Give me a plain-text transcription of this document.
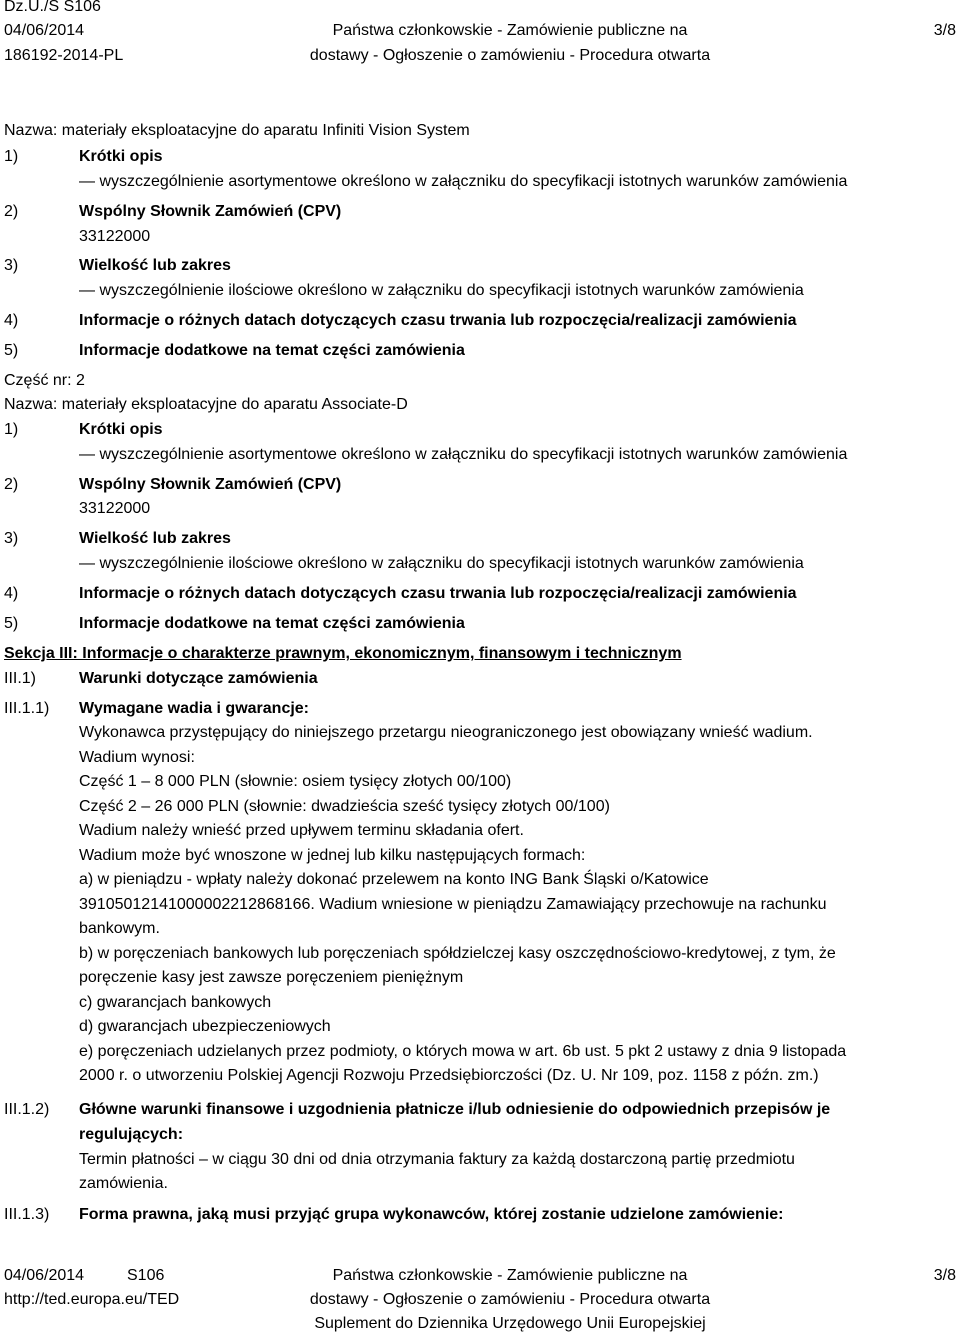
Dz.U./S S106
04/06/2014
186192-2014-PL
Państwa członkowskie - Zamówienie publiczne na
dostawy - Ogłoszenie o zamówieniu - Procedura otwarta
3/8
Nazwa: materiały eksploatacyjne do aparatu Infiniti Vision System
1)	Krótki opis
— wyszczególnienie asortymentowe określono w załączniku do specyfikacji istotnych warunków zamówienia
2)	Wspólny Słownik Zamówień (CPV)
33122000
3)	Wielkość lub zakres
— wyszczególnienie ilościowe określono w załączniku do specyfikacji istotnych warunków zamówienia
4)	Informacje o różnych datach dotyczących czasu trwania lub rozpoczęcia/realizacji zamówienia
5)	Informacje dodatkowe na temat części zamówienia
Część nr: 2
Nazwa: materiały eksploatacyjne do aparatu Associate-D
1)	Krótki opis
— wyszczególnienie asortymentowe określono w załączniku do specyfikacji istotnych warunków zamówienia
2)	Wspólny Słownik Zamówień (CPV)
33122000
3)	Wielkość lub zakres
— wyszczególnienie ilościowe określono w załączniku do specyfikacji istotnych warunków zamówienia
4)	Informacje o różnych datach dotyczących czasu trwania lub rozpoczęcia/realizacji zamówienia
5)	Informacje dodatkowe na temat części zamówienia
Sekcja III: Informacje o charakterze prawnym, ekonomicznym, finansowym i technicznym
III.1)	Warunki dotyczące zamówienia
III.1.1) Wymagane wadia i gwarancje:
Wykonawca przystępujący do niniejszego przetargu nieograniczonego jest obowiązany wnieść wadium.
Wadium wynosi:
Część 1 – 8 000 PLN (słownie: osiem tysięcy złotych 00/100)
Część 2 – 26 000 PLN (słownie: dwadzieścia sześć tysięcy złotych 00/100)
Wadium należy wnieść przed upływem terminu składania ofert.
Wadium może być wnoszone w jednej lub kilku następujących formach:
a) w pieniądzu - wpłaty należy dokonać przelewem na konto ING Bank Śląski o/Katowice
39105012141000002212868166. Wadium wniesione w pieniądzu Zamawiający przechowuje na rachunku
bankowym.
b) w poręczeniach bankowych lub poręczeniach spółdzielczej kasy oszczędnościowo-kredytowej, z tym, że
poręczenie kasy jest zawsze poręczeniem pieniężnym
c) gwarancjach bankowych
d) gwarancjach ubezpieczeniowych
e) poręczeniach udzielanych przez podmioty, o których mowa w art. 6b ust. 5 pkt 2 ustawy z dnia 9 listopada
2000 r. o utworzeniu Polskiej Agencji Rozwoju Przedsiębiorczości (Dz. U. Nr 109, poz. 1158 z późn. zm.)
III.1.2) Główne warunki finansowe i uzgodnienia płatnicze i/lub odniesienie do odpowiednich przepisów je
regulujących:
Termin płatności – w ciągu 30 dni od dnia otrzymania faktury za każdą dostarczoną partię przedmiotu
zamówienia.
III.1.3) Forma prawna, jaką musi przyjąć grupa wykonawców, której zostanie udzielone zamówienie:
04/06/2014	S106
http://ted.europa.eu/TED
Państwa członkowskie - Zamówienie publiczne na
dostawy - Ogłoszenie o zamówieniu - Procedura otwarta
Suplement do Dziennika Urzędowego Unii Europejskiej
3/8
